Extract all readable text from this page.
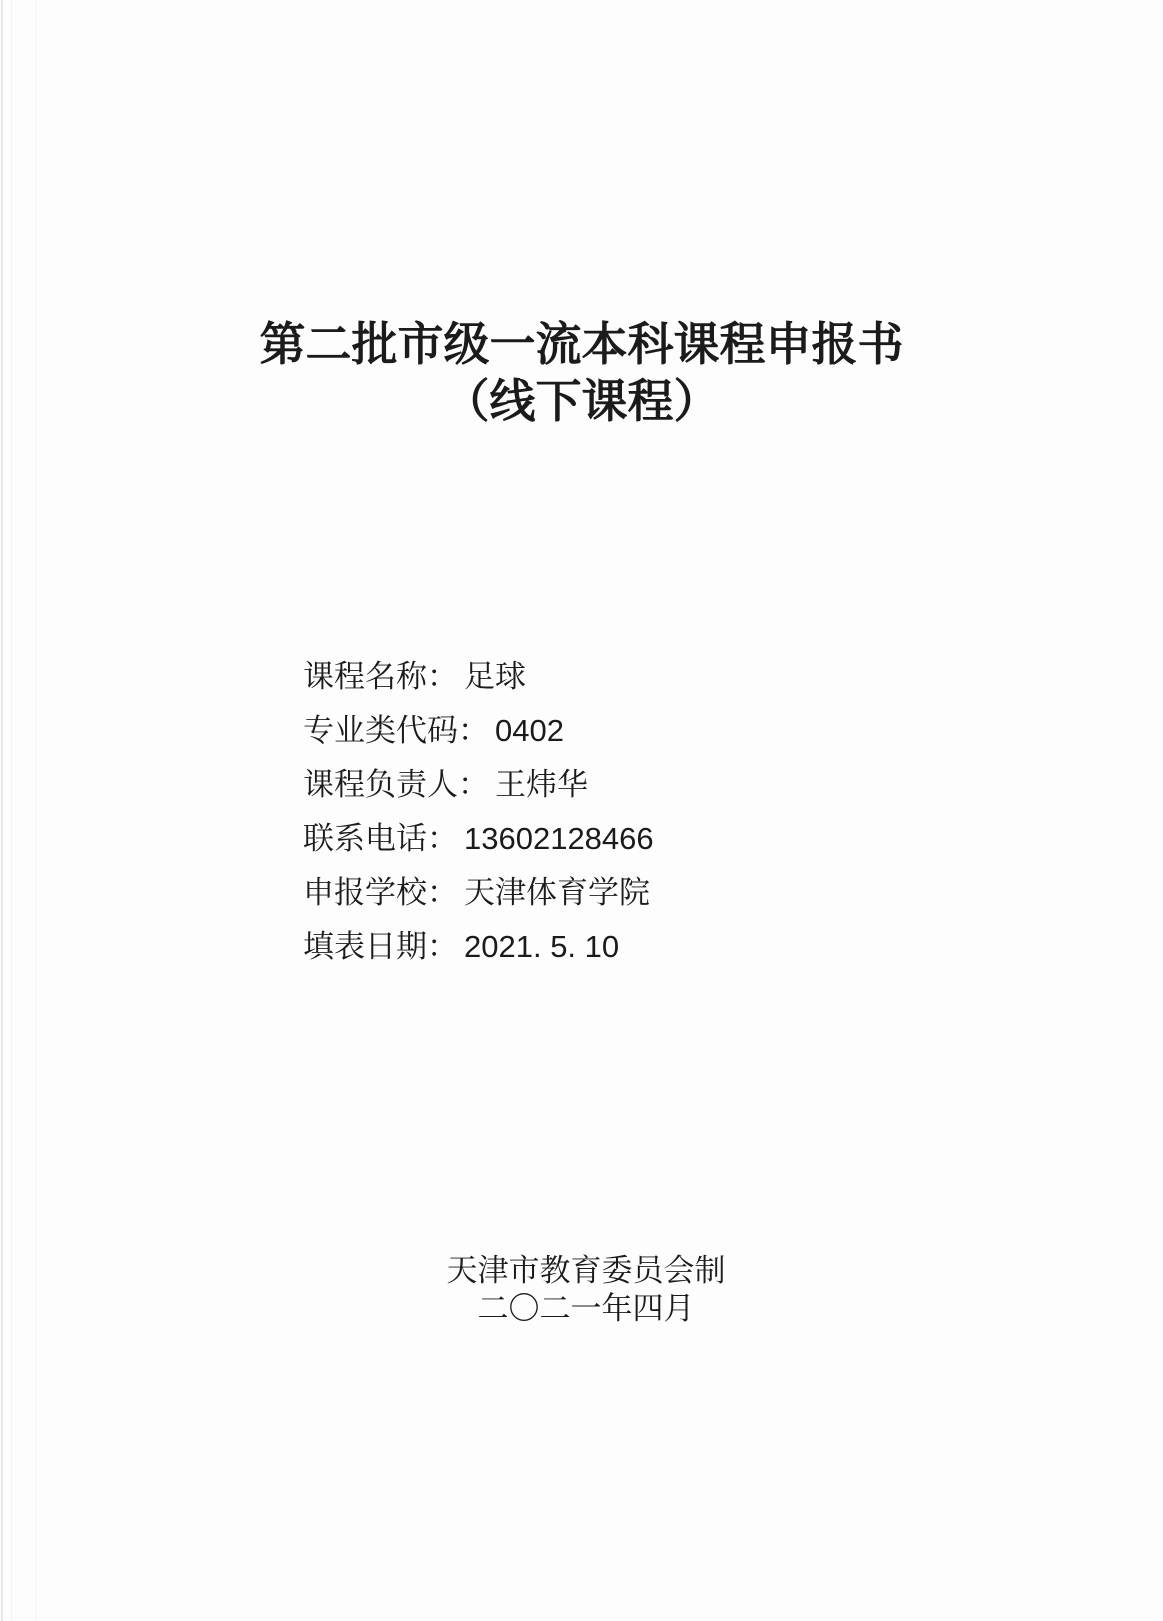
第二批市级一流本科课程申报书
（线下课程）
课程名称： 足球
专业类代码： 0402
课程负责人： 王炜华
联系电话： 13602128466
申报学校： 天津体育学院
填表日期： 2021. 5. 10
天津市教育委员会制
二〇二一年四月
